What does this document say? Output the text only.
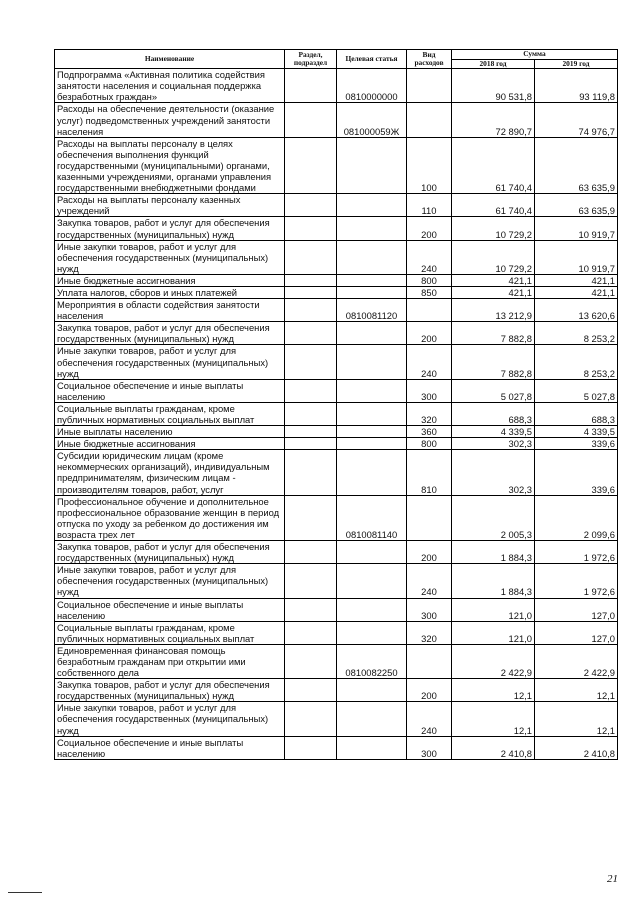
Наименование	Раздел, подраздел	Целевая статья	Вид расходов	Сумма	
				2018 год	2019 год
Подпрограмма «Активная политика содействия занятости населения и социальная поддержка безработных граждан»		0810000000		90 531,8	93 119,8
Расходы на обеспечение деятельности (оказание услуг) подведомственных учреждений занятости населения		081000059Ж		72 890,7	74 976,7
Расходы на выплаты персоналу в целях обеспечения выполнения функций государственными (муниципальными) органами, казенными учреждениями, органами управления государственными внебюджетными фондами			100	61 740,4	63 635,9
Расходы на выплаты персоналу казенных учреждений			110	61 740,4	63 635,9
Закупка товаров, работ и услуг для обеспечения государственных (муниципальных) нужд			200	10 729,2	10 919,7
Иные закупки товаров, работ и услуг для обеспечения государственных (муниципальных) нужд			240	10 729,2	10 919,7
Иные бюджетные ассигнования			800	421,1	421,1
Уплата налогов, сборов и иных платежей			850	421,1	421,1
Мероприятия в области содействия занятости населения		0810081120		13 212,9	13 620,6
Закупка товаров, работ и услуг для обеспечения государственных (муниципальных) нужд			200	7 882,8	8 253,2
Иные закупки товаров, работ и услуг для обеспечения государственных (муниципальных) нужд			240	7 882,8	8 253,2
Социальное обеспечение и иные выплаты населению			300	5 027,8	5 027,8
Социальные выплаты гражданам, кроме публичных нормативных социальных выплат			320	688,3	688,3
Иные выплаты населению			360	4 339,5	4 339,5
Иные бюджетные ассигнования			800	302,3	339,6
Субсидии юридическим лицам (кроме некоммерческих организаций), индивидуальным предпринимателям, физическим лицам - производителям товаров, работ, услуг			810	302,3	339,6
Профессиональное обучение и дополнительное профессиональное образование женщин в период отпуска по уходу за ребенком до достижения им возраста трех лет		0810081140		2 005,3	2 099,6
Закупка товаров, работ и услуг для обеспечения государственных (муниципальных) нужд			200	1 884,3	1 972,6
Иные закупки товаров, работ и услуг для обеспечения государственных (муниципальных) нужд			240	1 884,3	1 972,6
Социальное обеспечение и иные выплаты населению			300	121,0	127,0
Социальные выплаты гражданам, кроме публичных нормативных социальных выплат			320	121,0	127,0
Единовременная финансовая помощь безработным гражданам при открытии ими собственного дела		0810082250		2 422,9	2 422,9
Закупка товаров, работ и услуг для обеспечения государственных (муниципальных) нужд			200	12,1	12,1
Иные закупки товаров, работ и услуг для обеспечения государственных (муниципальных) нужд			240	12,1	12,1
Социальное обеспечение и иные выплаты населению			300	2 410,8	2 410,8
21
